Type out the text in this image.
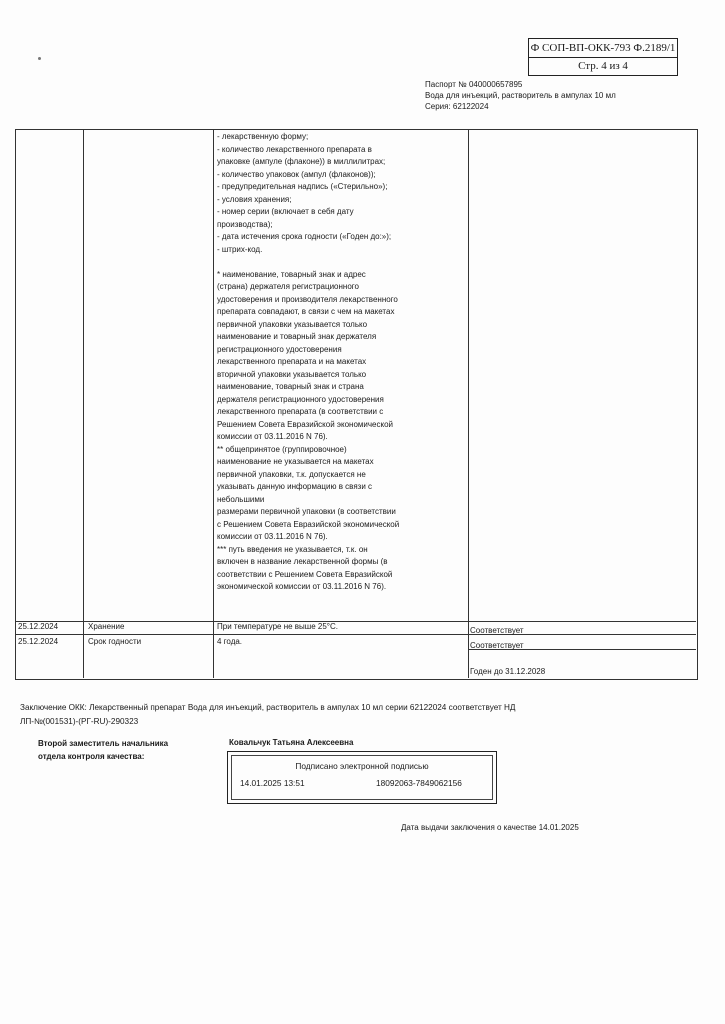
Ф СОП-ВП-ОКК-793 Ф.2189/1
Стр. 4 из 4
Паспорт № 040000657895
Вода для инъекций, растворитель в ампулах 10 мл
Серия: 62122024
- лекарственную форму;
- количество лекарственного препарата в
упаковке (ампуле (флаконе)) в миллилитрах;
- количество упаковок (ампул (флаконов));
- предупредительная надпись («Стерильно»);
- условия хранения;
- номер серии (включает в себя дату
производства);
- дата истечения срока годности («Годен до:»);
- штрих-код.
* наименование, товарный знак и адрес
(страна) держателя регистрационного
удостоверения и производителя лекарственного
препарата совпадают, в связи с чем на макетах
первичной упаковки указывается только
наименование и товарный знак держателя
регистрационного удостоверения
лекарственного препарата и на макетах
вторичной упаковки указывается только
наименование, товарный знак и страна
держателя регистрационного удостоверения
лекарственного препарата (в соответствии с
Решением Совета Евразийской экономической
комиссии от 03.11.2016 N 76).
** общепринятое (группировочное)
наименование не указывается на макетах
первичной упаковки, т.к. допускается не
указывать данную информацию в связи с
небольшими
размерами первичной упаковки (в соответствии
с Решением Совета Евразийской экономической
комиссии от 03.11.2016 N 76).
*** путь введения не указывается, т.к. он
включен в название лекарственной формы (в
соответствии с Решением Совета Евразийской
экономической комиссии от 03.11.2016 N 76).
25.12.2024	Хранение	При температуре не выше 25°С.	Соответствует
25.12.2024	Срок годности	4 года.	Соответствует
Годен до 31.12.2028
Заключение ОКК: Лекарственный препарат Вода для инъекций, растворитель в ампулах 10 мл серии 62122024 соответствует НД
ЛП-№(001531)-(РГ-RU)-290323
Второй заместитель начальника
отдела контроля качества:
Ковальчук Татьяна Алексеевна
Подписано электронной подписью
14.01.2025 13:51	18092063-7849062156
Дата выдачи заключения о качестве 14.01.2025
